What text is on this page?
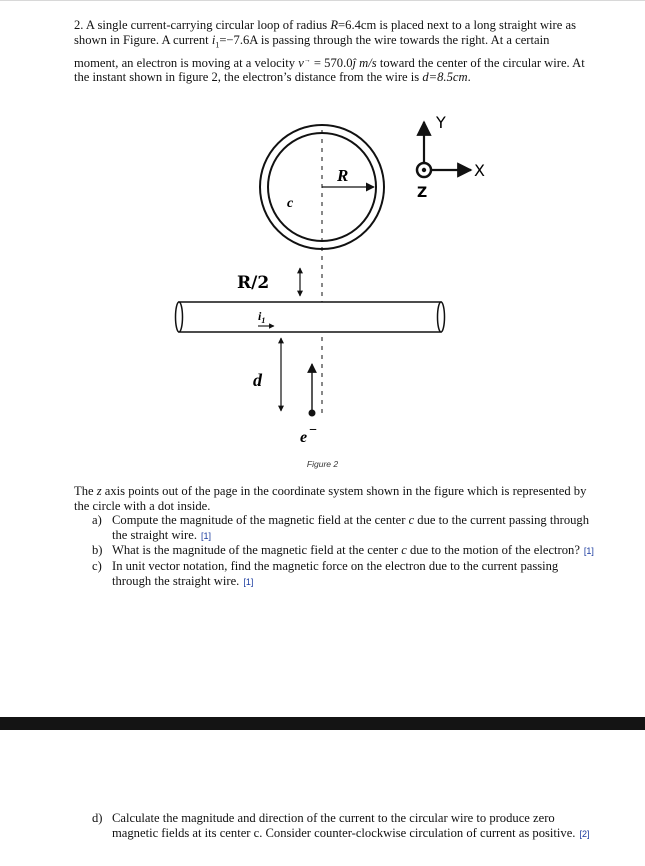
2. A single current-carrying circular loop of radius R=6.4cm is placed next to a long straight wire as shown in Figure. A current $i_1=-7.6A$ is passing through the wire towards the right. At a certain moment, an electron is moving at a velocity v→ = 570.0ĵ m/s toward the center of the circular wire. At the instant shown in figure 2, the electron’s distance from the wire is d=8.5cm.

R
c
R/2
$i_1$
d
e −
Y
X
Z
Figure 2

The z axis points out of the page in the coordinate system shown in the figure which is represented by the circle with a dot inside.

a) Compute the magnitude of the magnetic field at the center c due to the current passing through the straight wire. [1]
b) What is the magnitude of the magnetic field at the center c due to the motion of the electron? [1]
c) In unit vector notation, find the magnetic force on the electron due to the current passing through the straight wire. [1]
d) Calculate the magnitude and direction of the current to the circular wire to produce zero magnetic fields at its center c. Consider counter-clockwise circulation of current as positive. [2]
